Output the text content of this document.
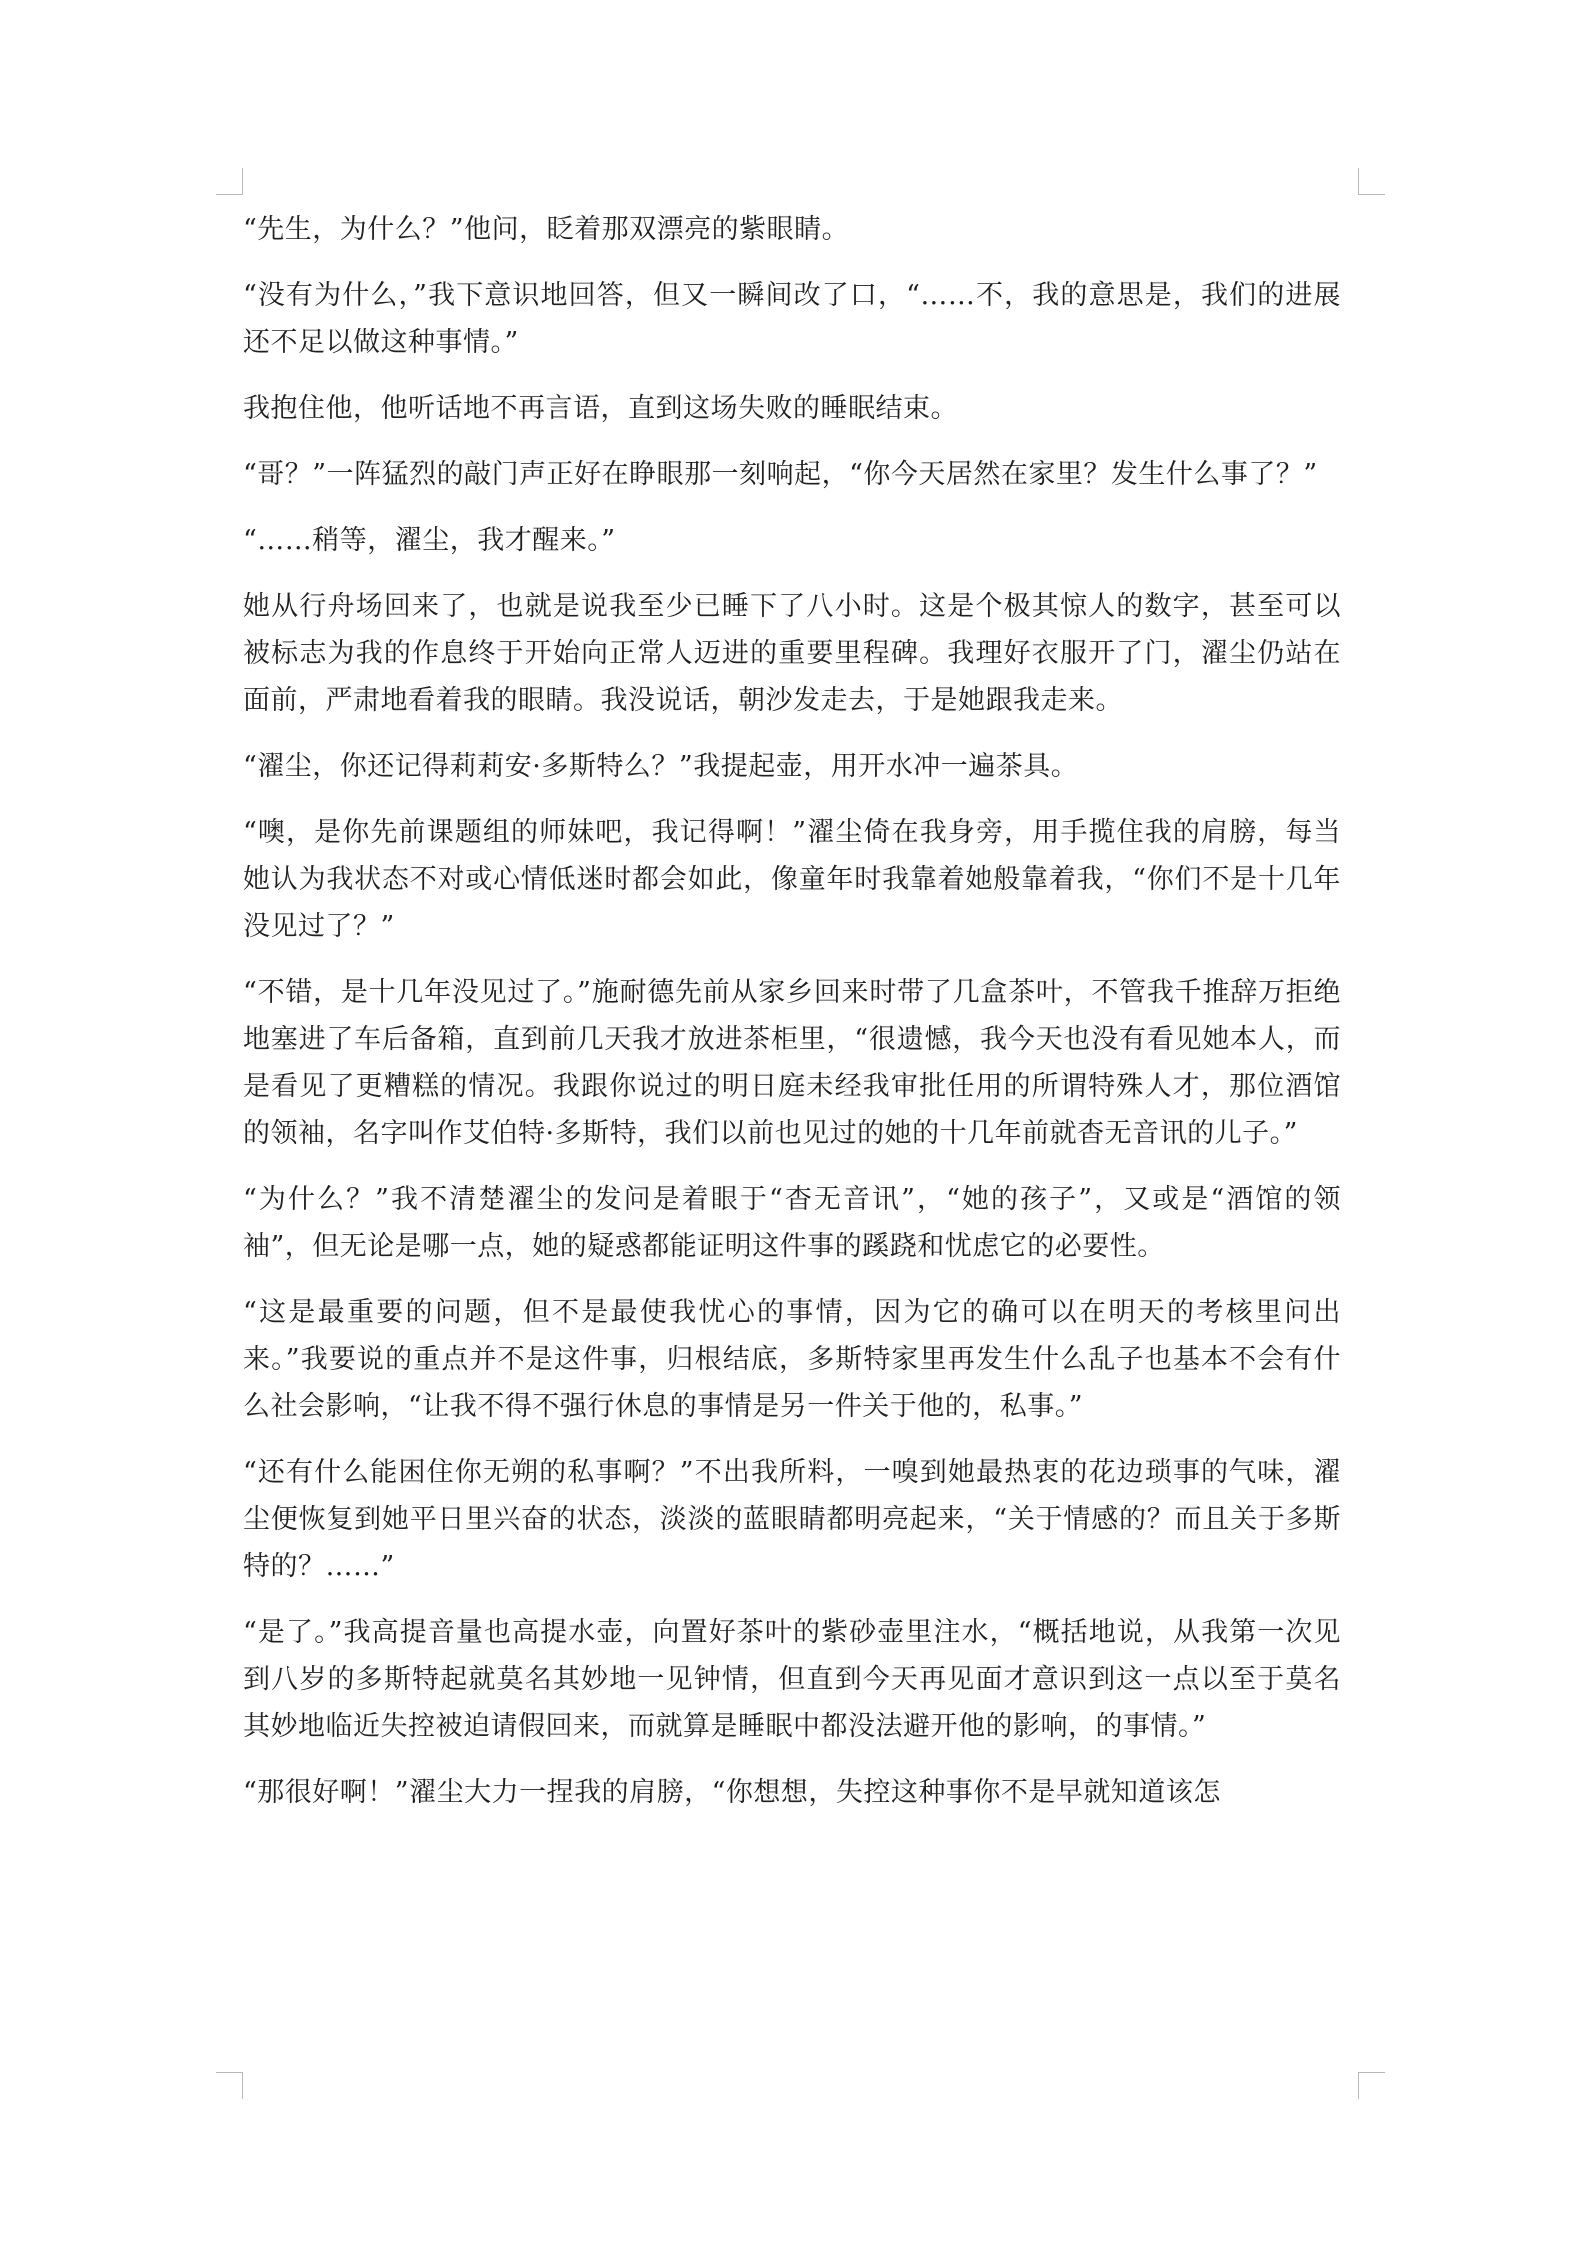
“先生，为什么？”他问，眨着那双漂亮的紫眼睛。

“没有为什么，”我下意识地回答，但又一瞬间改了口，“……不，我的意思是，我们的进展还不足以做这种事情。”

我抱住他，他听话地不再言语，直到这场失败的睡眠结束。

“哥？”一阵猛烈的敲门声正好在睁眼那一刻响起，“你今天居然在家里？发生什么事了？”

“……稍等，濯尘，我才醒来。”

她从行舟场回来了，也就是说我至少已睡下了八小时。这是个极其惊人的数字，甚至可以被标志为我的作息终于开始向正常人迈进的重要里程碑。我理好衣服开了门，濯尘仍站在面前，严肃地看着我的眼睛。我没说话，朝沙发走去，于是她跟我走来。

“濯尘，你还记得莉莉安·多斯特么？”我提起壶，用开水冲一遍茶具。

“噢，是你先前课题组的师妹吧，我记得啊！”濯尘倚在我身旁，用手揽住我的肩膀，每当她认为我状态不对或心情低迷时都会如此，像童年时我靠着她般靠着我，“你们不是十几年没见过了？”

“不错，是十几年没见过了。”施耐德先前从家乡回来时带了几盒茶叶，不管我千推辞万拒绝地塞进了车后备箱，直到前几天我才放进茶柜里，“很遗憾，我今天也没有看见她本人，而是看见了更糟糕的情况。我跟你说过的明日庭未经我审批任用的所谓特殊人才，那位酒馆的领袖，名字叫作艾伯特·多斯特，我们以前也见过的她的十几年前就杳无音讯的儿子。”

“为什么？”我不清楚濯尘的发问是着眼于“杳无音讯”，“她的孩子”，又或是“酒馆的领袖”，但无论是哪一点，她的疑惑都能证明这件事的蹊跷和忧虑它的必要性。

“这是最重要的问题，但不是最使我忧心的事情，因为它的确可以在明天的考核里问出来。”我要说的重点并不是这件事，归根结底，多斯特家里再发生什么乱子也基本不会有什么社会影响，“让我不得不强行休息的事情是另一件关于他的，私事。”

“还有什么能困住你无朔的私事啊？”不出我所料，一嗅到她最热衷的花边琐事的气味，濯尘便恢复到她平日里兴奋的状态，淡淡的蓝眼睛都明亮起来，“关于情感的？而且关于多斯特的？……”

“是了。”我高提音量也高提水壶，向置好茶叶的紫砂壶里注水，“概括地说，从我第一次见到八岁的多斯特起就莫名其妙地一见钟情，但直到今天再见面才意识到这一点以至于莫名其妙地临近失控被迫请假回来，而就算是睡眠中都没法避开他的影响，的事情。”

“那很好啊！”濯尘大力一捏我的肩膀，“你想想，失控这种事你不是早就知道该怎
